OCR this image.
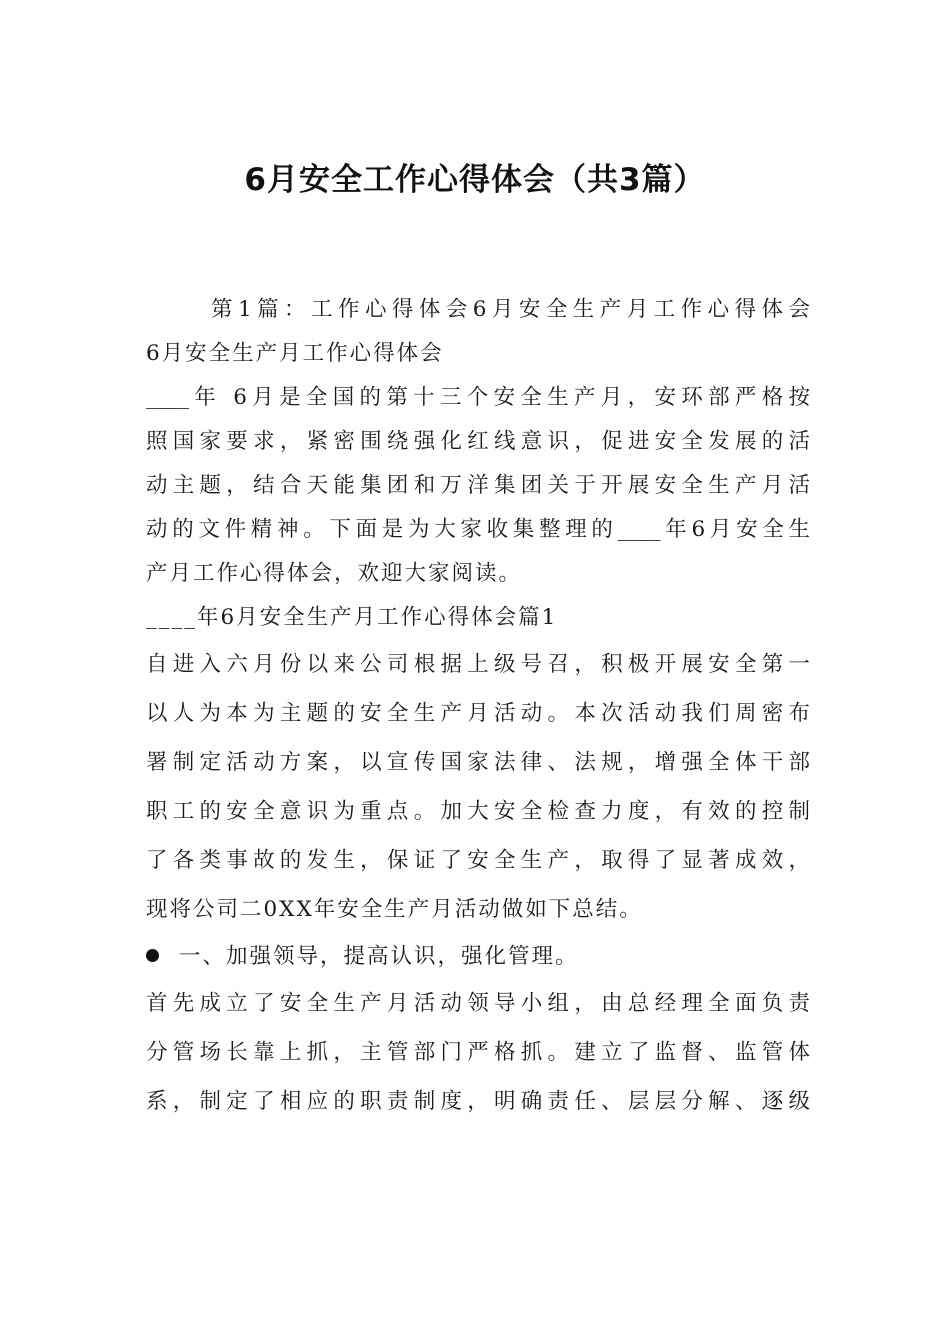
6月安全工作心得体会（共3篇）
第1篇：工作心得体会6月安全生产月工作心得体会
6月安全生产月工作心得体会
____年 6月是全国的第十三个安全生产月，安环部严格按
照国家要求，紧密围绕强化红线意识，促进安全发展的活
动主题，结合天能集团和万洋集团关于开展安全生产月活
动的文件精神。下面是为大家收集整理的____年6月安全生
产月工作心得体会，欢迎大家阅读。
____年6月安全生产月工作心得体会篇1
自进入六月份以来公司根据上级号召，积极开展安全第一
以人为本为主题的安全生产月活动。本次活动我们周密布
署制定活动方案，以宣传国家法律、法规，增强全体干部
职工的安全意识为重点。加大安全检查力度，有效的控制
了各类事故的发生，保证了安全生产，取得了显著成效，
现将公司二0XX年安全生产月活动做如下总结。
一、加强领导，提高认识，强化管理。
首先成立了安全生产月活动领导小组，由总经理全面负责
分管场长靠上抓，主管部门严格抓。建立了监督、监管体
系，制定了相应的职责制度，明确责任、层层分解、逐级
